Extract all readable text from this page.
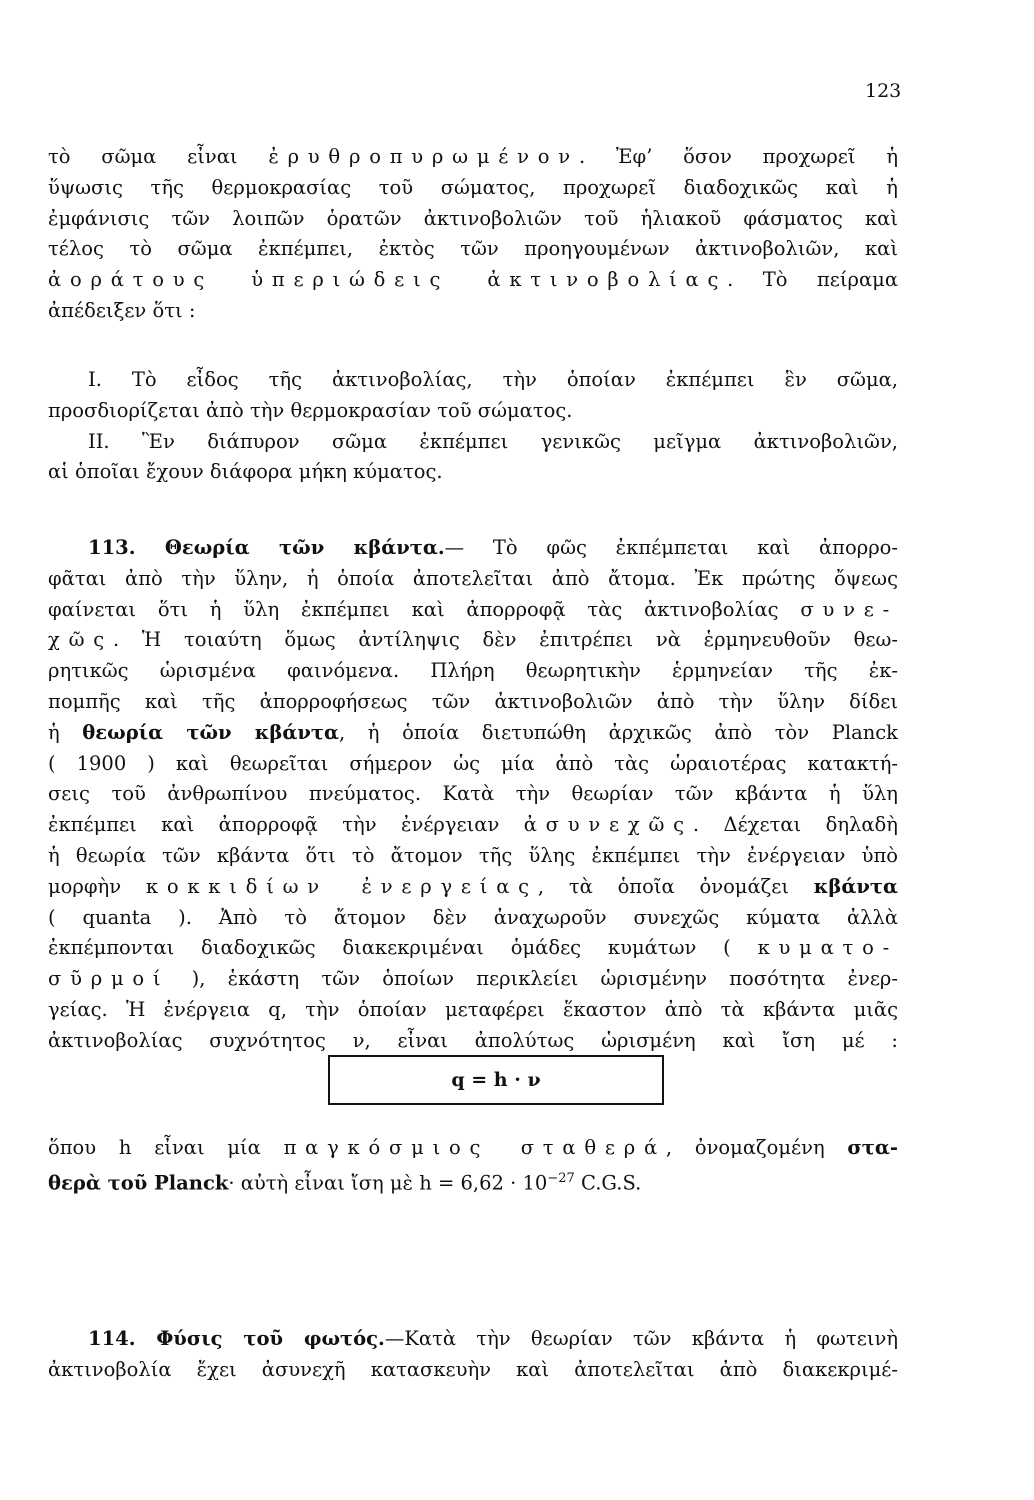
123
τὸ σῶμα εἶναι ἐρυθροπυρωμένον. Ἐφ’ ὅσον προχωρεῖ ἡ
ὕψωσις τῆς θερμοκρασίας τοῦ σώματος, προχωρεῖ διαδοχικῶς καὶ ἡ
ἐμφάνισις τῶν λοιπῶν ὁρατῶν ἀκτινοβολιῶν τοῦ ἡλιακοῦ φάσματος καὶ
τέλος τὸ σῶμα ἐκπέμπει, ἐκτὸς τῶν προηγουμένων ἀκτινοβολιῶν, καὶ
ἀοράτους ὑπεριώδεις ἀκτινοβολίας. Τὸ πείραμα
ἀπέδειξεν ὅτι :
I. Τὸ εἶδος τῆς ἀκτινοβολίας, τὴν ὁποίαν ἐκπέμπει ἓν σῶμα,
προσδιορίζεται ἀπὸ τὴν θερμοκρασίαν τοῦ σώματος.
II. Ἓν διάπυρον σῶμα ἐκπέμπει γενικῶς μεῖγμα ἀκτινοβολιῶν,
αἱ ὁποῖαι ἔχουν διάφορα μήκη κύματος.
113. Θεωρία τῶν κβάντα.— Τὸ φῶς ἐκπέμπεται καὶ ἀπορρο-
φᾶται ἀπὸ τὴν ὕλην, ἡ ὁποία ἀποτελεῖται ἀπὸ ἄτομα. Ἐκ πρώτης ὄψεως
φαίνεται ὅτι ἡ ὕλη ἐκπέμπει καὶ ἀπορροφᾷ τὰς ἀκτινοβολίας συνε-
χῶς. Ἡ τοιαύτη ὅμως ἀντίληψις δὲν ἐπιτρέπει νὰ ἑρμηνευθοῦν θεω-
ρητικῶς ὡρισμένα φαινόμενα. Πλήρη θεωρητικὴν ἑρμηνείαν τῆς ἐκ-
πομπῆς καὶ τῆς ἀπορροφήσεως τῶν ἀκτινοβολιῶν ἀπὸ τὴν ὕλην δίδει
ἡ θεωρία τῶν κβάντα, ἡ ὁποία διετυπώθη ἀρχικῶς ἀπὸ τὸν Planck
( 1900 ) καὶ θεωρεῖται σήμερον ὡς μία ἀπὸ τὰς ὡραιοτέρας κατακτή-
σεις τοῦ ἀνθρωπίνου πνεύματος. Κατὰ τὴν θεωρίαν τῶν κβάντα ἡ ὕλη
ἐκπέμπει καὶ ἀπορροφᾷ τὴν ἐνέργειαν ἀσυνεχῶς. Δέχεται δηλαδὴ
ἡ θεωρία τῶν κβάντα ὅτι τὸ ἄτομον τῆς ὕλης ἐκπέμπει τὴν ἐνέργειαν ὑπὸ
μορφὴν κοκκιδίων ἐνεργείας, τὰ ὁποῖα ὀνομάζει κβάντα
( quanta ). Ἀπὸ τὸ ἄτομον δὲν ἀναχωροῦν συνεχῶς κύματα ἀλλὰ
ἐκπέμπονται διαδοχικῶς διακεκριμέναι ὁμάδες κυμάτων ( κυματο-
σῦρμοί ), ἑκάστη τῶν ὁποίων περικλείει ὡρισμένην ποσότητα ἐνερ-
γείας. Ἡ ἐνέργεια q, τὴν ὁποίαν μεταφέρει ἕκαστον ἀπὸ τὰ κβάντα μιᾶς
ἀκτινοβολίας συχνότητος ν, εἶναι ἀπολύτως ὡρισμένη καὶ ἴση μέ :
q = h · ν
ὅπου h εἶναι μία παγκόσμιος σταθερά, ὀνομαζομένη στα-
θερὰ τοῦ Planck· αὐτὴ εἶναι ἴση μὲ $h = 6,62 \cdot 10^{-27}$ C.G.S.
114. Φύσις τοῦ φωτός.—Κατὰ τὴν θεωρίαν τῶν κβάντα ἡ φωτεινὴ
ἀκτινοβολία ἔχει ἀσυνεχῆ κατασκευὴν καὶ ἀποτελεῖται ἀπὸ διακεκριμέ-
